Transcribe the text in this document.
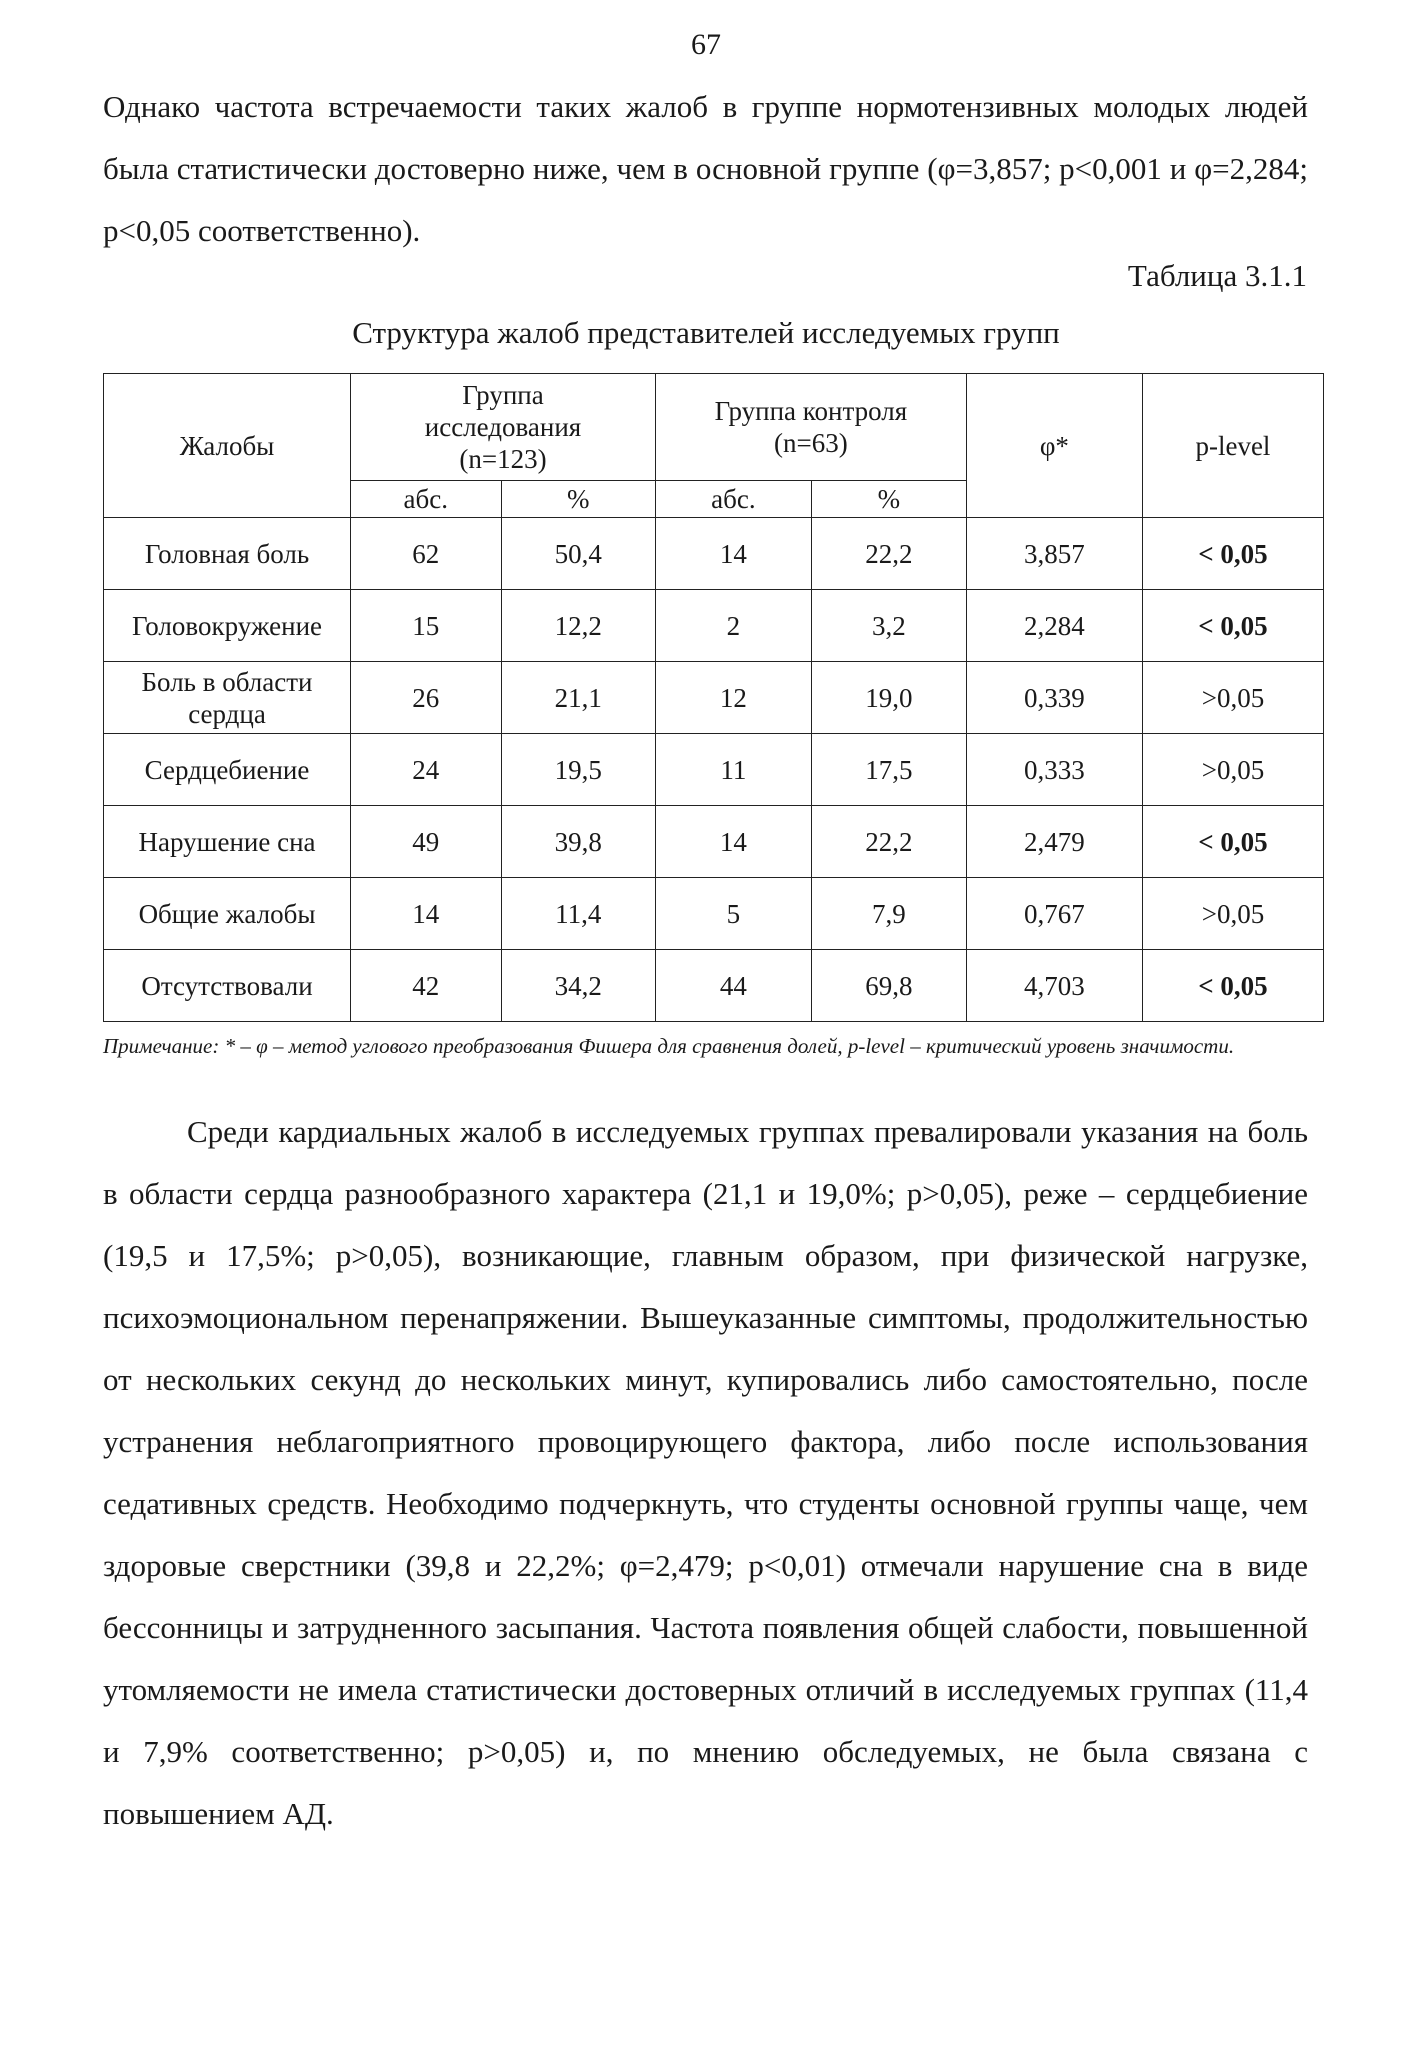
67

Однако частота встречаемости таких жалоб в группе нормотензивных молодых людей была статистически достоверно ниже, чем в основной группе (φ=3,857; p<0,001 и φ=2,284; p<0,05 соответственно).

Таблица 3.1.1
Структура жалоб представителей исследуемых групп
Жалобы	Группа исследования (n=123)		Группа контроля (n=63)		φ*	p-level
	абс.	%	абс.	%		
Головная боль	62	50,4	14	22,2	3,857	< 0,05
Головокружение	15	12,2	2	3,2	2,284	< 0,05
Боль в области сердца	26	21,1	12	19,0	0,339	>0,05
Сердцебиение	24	19,5	11	17,5	0,333	>0,05
Нарушение сна	49	39,8	14	22,2	2,479	< 0,05
Общие жалобы	14	11,4	5	7,9	0,767	>0,05
Отсутствовали	42	34,2	44	69,8	4,703	< 0,05

Примечание: * – φ – метод углового преобразования Фишера для сравнения долей, p-level – критический уровень значимости.

Среди кардиальных жалоб в исследуемых группах превалировали указания на боль в области сердца разнообразного характера (21,1 и 19,0%; p>0,05), реже – сердцебиение (19,5 и 17,5%; p>0,05), возникающие, главным образом, при физической нагрузке, психоэмоциональном перенапряжении. Вышеуказанные симптомы, продолжительностью от нескольких секунд до нескольких минут, купировались либо самостоятельно, после устранения неблагоприятного провоцирующего фактора, либо после использования седативных средств. Необходимо подчеркнуть, что студенты основной группы чаще, чем здоровые сверстники (39,8 и 22,2%; φ=2,479; p<0,01) отмечали нарушение сна в виде бессонницы и затрудненного засыпания. Частота появления общей слабости, повышенной утомляемости не имела статистически достоверных отличий в исследуемых группах (11,4 и 7,9% соответственно; p>0,05) и, по мнению обследуемых, не была связана с повышением АД.
